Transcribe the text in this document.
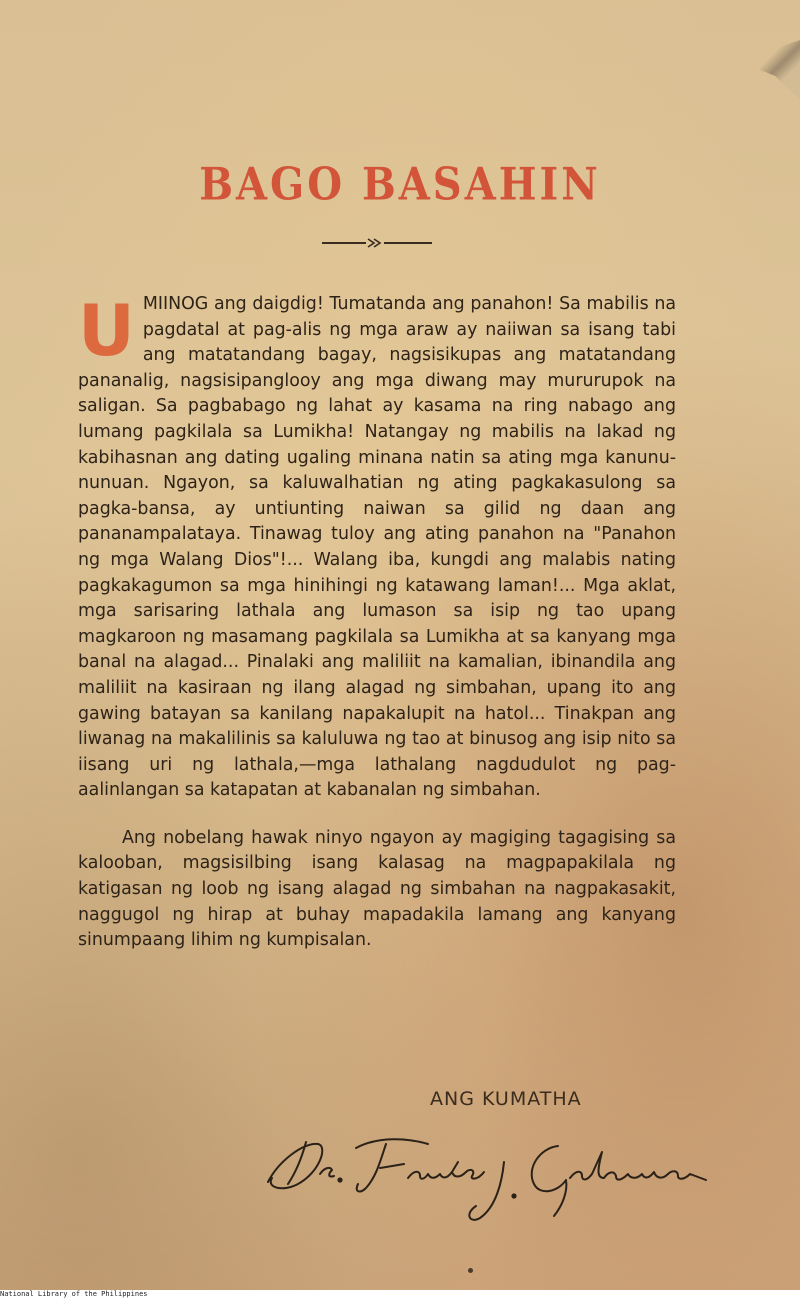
BAGO BASAHIN

UMIINOG ang daigdig! Tumatanda ang panahon! Sa mabilis na pagdatal at pag-alis ng mga araw ay naiiwan sa isang tabi ang matatandang bagay, nagsisikupas ang matatandang pananalig, nagsisipanglooy ang mga diwang may mururupok na saligan. Sa pagbabago ng lahat ay kasama na ring nabago ang lumang pagkilala sa Lumikha! Natangay ng mabilis na lakad ng kabihasnan ang dating ugaling minana natin sa ating mga kanunu-nunuan. Ngayon, sa kaluwalhatian ng ating pagkakasulong sa pagka-bansa, ay untiunting naiwan sa gilid ng daan ang pananampalataya. Tinawag tuloy ang ating panahon na "Panahon ng mga Walang Dios"!... Walang iba, kungdi ang malabis nating pagkakagumon sa mga hinihingi ng katawang laman!... Mga aklat, mga sarisaring lathala ang lumason sa isip ng tao upang magkaroon ng masamang pagkilala sa Lumikha at sa kanyang mga banal na alagad... Pinalaki ang maliliit na kamalian, ibinandila ang maliliit na kasiraan ng ilang alagad ng simbahan, upang ito ang gawing batayan sa kanilang napakalupit na hatol... Tinakpan ang liwanag na makalilinis sa kaluluwa ng tao at binusog ang isip nito sa iisang uri ng lathala,—mga lathalang nagdudulot ng pag-aalinlangan sa katapatan at kabanalan ng simbahan.

Ang nobelang hawak ninyo ngayon ay magiging tagagising sa kalooban, magsisilbing isang kalasag na magpapakilala ng katigasan ng loob ng isang alagad ng simbahan na nagpakasakit, naggugol ng hirap at buhay mapadakila lamang ang kanyang sinumpaang lihim ng kumpisalan.

ANG KUMATHA
National Library of the Philippines
